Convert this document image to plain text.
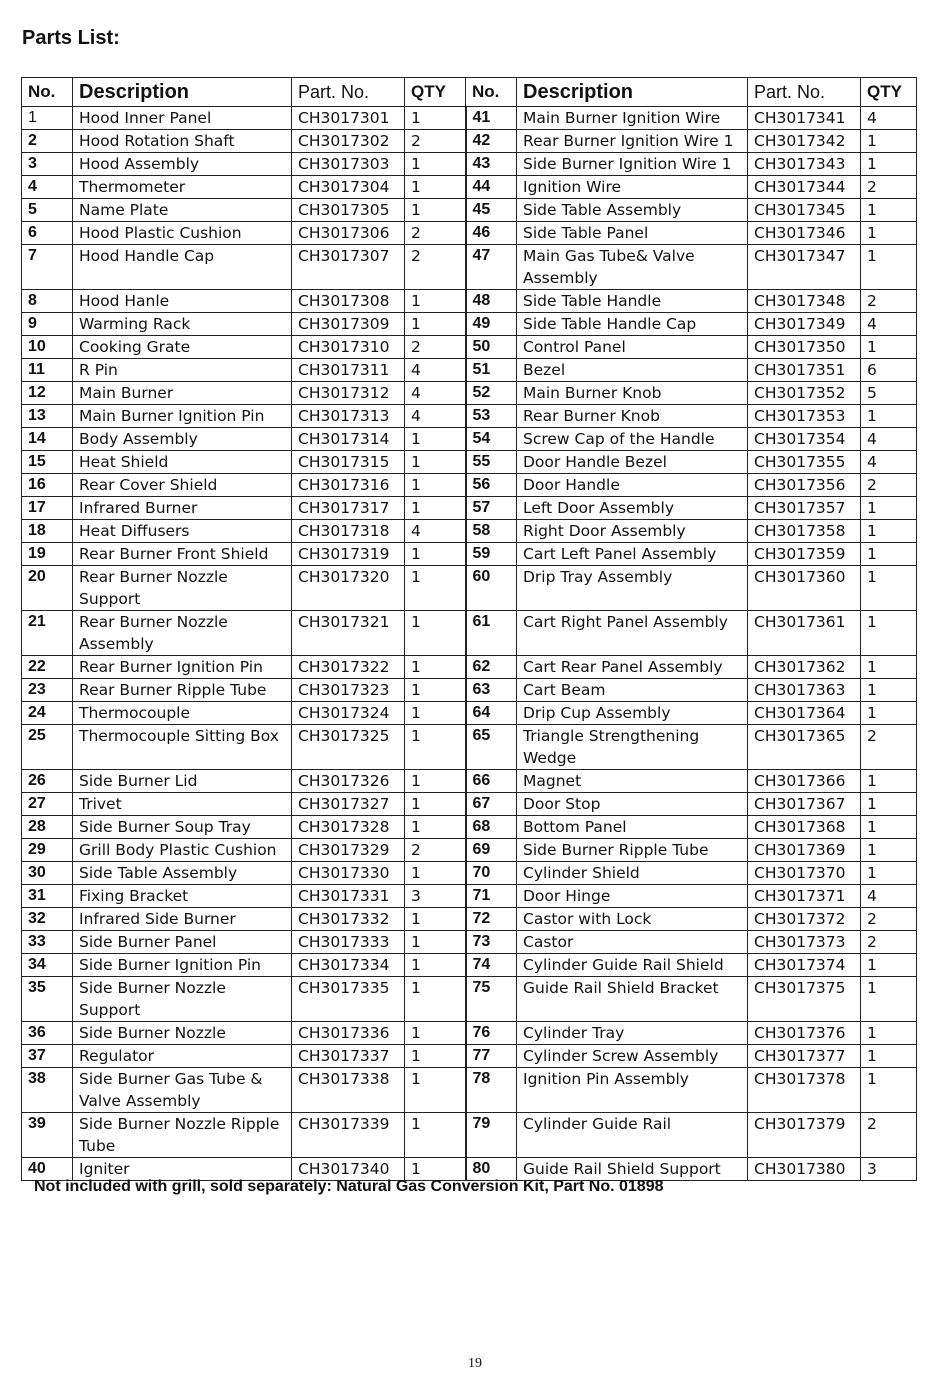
Parts List:
No.	Description	Part. No.	QTY	No.	Description	Part. No.	QTY
1	Hood Inner Panel	CH3017301	1	41	Main Burner Ignition Wire	CH3017341	4
2	Hood Rotation Shaft	CH3017302	2	42	Rear Burner Ignition Wire 1	CH3017342	1
3	Hood Assembly	CH3017303	1	43	Side Burner Ignition Wire 1	CH3017343	1
4	Thermometer	CH3017304	1	44	Ignition Wire	CH3017344	2
5	Name Plate	CH3017305	1	45	Side Table Assembly	CH3017345	1
6	Hood Plastic Cushion	CH3017306	2	46	Side Table Panel	CH3017346	1
7	Hood Handle Cap	CH3017307	2	47	Main Gas Tube& Valve Assembly	CH3017347	1
8	Hood Hanle	CH3017308	1	48	Side Table Handle	CH3017348	2
9	Warming Rack	CH3017309	1	49	Side Table Handle Cap	CH3017349	4
10	Cooking Grate	CH3017310	2	50	Control Panel	CH3017350	1
11	R Pin	CH3017311	4	51	Bezel	CH3017351	6
12	Main Burner	CH3017312	4	52	Main Burner Knob	CH3017352	5
13	Main Burner Ignition Pin	CH3017313	4	53	Rear Burner Knob	CH3017353	1
14	Body Assembly	CH3017314	1	54	Screw Cap of the Handle	CH3017354	4
15	Heat Shield	CH3017315	1	55	Door Handle Bezel	CH3017355	4
16	Rear Cover Shield	CH3017316	1	56	Door Handle	CH3017356	2
17	Infrared Burner	CH3017317	1	57	Left Door Assembly	CH3017357	1
18	Heat Diffusers	CH3017318	4	58	Right Door Assembly	CH3017358	1
19	Rear Burner Front Shield	CH3017319	1	59	Cart Left Panel Assembly	CH3017359	1
20	Rear Burner Nozzle Support	CH3017320	1	60	Drip Tray Assembly	CH3017360	1
21	Rear Burner Nozzle Assembly	CH3017321	1	61	Cart Right Panel Assembly	CH3017361	1
22	Rear Burner Ignition Pin	CH3017322	1	62	Cart Rear Panel Assembly	CH3017362	1
23	Rear Burner Ripple Tube	CH3017323	1	63	Cart Beam	CH3017363	1
24	Thermocouple	CH3017324	1	64	Drip Cup Assembly	CH3017364	1
25	Thermocouple Sitting Box	CH3017325	1	65	Triangle Strengthening Wedge	CH3017365	2
26	Side Burner Lid	CH3017326	1	66	Magnet	CH3017366	1
27	Trivet	CH3017327	1	67	Door Stop	CH3017367	1
28	Side Burner Soup Tray	CH3017328	1	68	Bottom Panel	CH3017368	1
29	Grill Body Plastic Cushion	CH3017329	2	69	Side Burner Ripple Tube	CH3017369	1
30	Side Table Assembly	CH3017330	1	70	Cylinder Shield	CH3017370	1
31	Fixing Bracket	CH3017331	3	71	Door Hinge	CH3017371	4
32	Infrared Side Burner	CH3017332	1	72	Castor with Lock	CH3017372	2
33	Side Burner Panel	CH3017333	1	73	Castor	CH3017373	2
34	Side Burner Ignition Pin	CH3017334	1	74	Cylinder Guide Rail Shield	CH3017374	1
35	Side Burner Nozzle Support	CH3017335	1	75	Guide Rail Shield Bracket	CH3017375	1
36	Side Burner Nozzle	CH3017336	1	76	Cylinder Tray	CH3017376	1
37	Regulator	CH3017337	1	77	Cylinder Screw Assembly	CH3017377	1
38	Side Burner Gas Tube & Valve Assembly	CH3017338	1	78	Ignition Pin Assembly	CH3017378	1
39	Side Burner Nozzle Ripple Tube	CH3017339	1	79	Cylinder Guide Rail	CH3017379	2
40	Igniter	CH3017340	1	80	Guide Rail Shield Support	CH3017380	3
Not included with grill, sold separately: Natural Gas Conversion Kit, Part No. 01898
19
